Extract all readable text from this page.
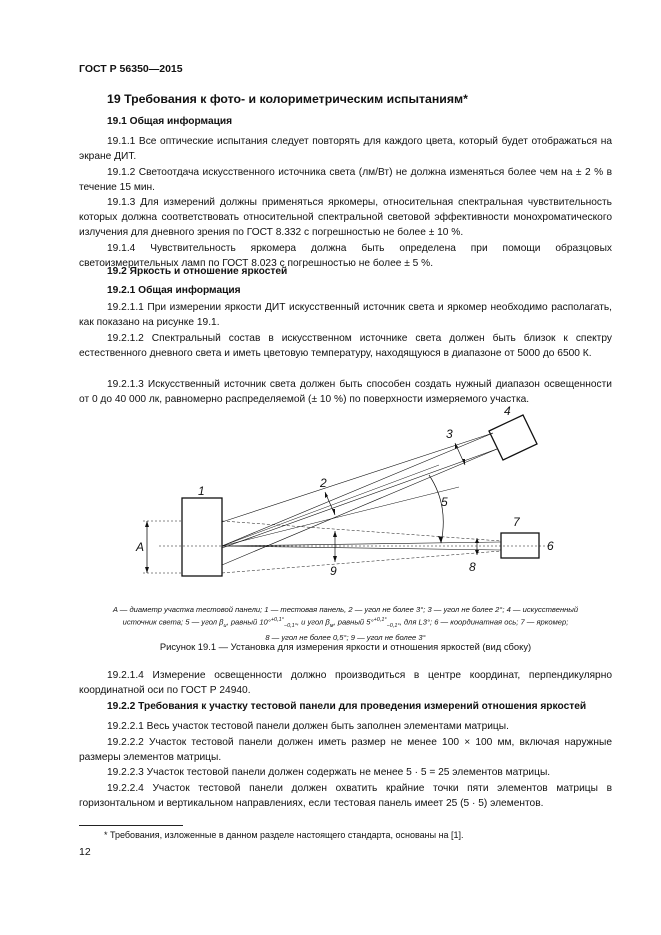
ГОСТ Р 56350—2015
19 Требования к фото- и колориметрическим испытаниям*
19.1 Общая информация
19.1.1 Все оптические испытания следует повторять для каждого цвета, который будет отображаться на экране ДИТ.
19.1.2 Светоотдача искусственного источника света (лм/Вт) не должна изменяться более чем на ± 2 % в течение 15 мин.
19.1.3 Для измерений должны применяться яркомеры, относительная спектральная чувствительность которых должна соответствовать относительной спектральной световой эффективности монохроматического излучения для дневного зрения по ГОСТ 8.332 с погрешностью не более ± 10 %.
19.1.4 Чувствительность яркомера должна быть определена при помощи образцовых светоизмерительных ламп по ГОСТ 8.023 с погрешностью не более ± 5 %.
19.2 Яркость и отношение яркостей
19.2.1 Общая информация
19.2.1.1 При измерении яркости ДИТ искусственный источник света и яркомер необходимо располагать, как показано на рисунке 19.1.
19.2.1.2 Спектральный состав в искусственном источнике света должен быть близок к спектру естественного дневного света и иметь цветовую температуру, находящуюся в диапазоне от 5000 до 6500 К.
19.2.1.3 Искусственный источник света должен быть способен создать нужный диапазон освещенности от 0 до 40 000 лк, равномерно распределяемой (± 10 %) по поверхности измеряемого участка.
1
2
3
4
5
6
7
8
9
A
A — диаметр участка тестовой панели; 1 — тестовая панель, 2 — угол не более 3°; 3 — угол не более 2°; 4 — искусственный
источник света; 5 — угол $\beta_и$, равный 10°$^{+0,1^\circ}_{-0,1^\circ}$, и угол $\beta_м$, равный 5°$^{+0,1^\circ}_{-0,1^\circ}$, для L3°; 6 — координатная ось; 7 — яркомер;
8 — угол не более 0,5°; 9 — угол не более 3°
Рисунок 19.1 — Установка для измерения яркости и отношения яркостей (вид сбоку)
19.2.1.4 Измерение освещенности должно производиться в центре координат, перпендикулярно координатной оси по ГОСТ Р 24940.
19.2.2 Требования к участку тестовой панели для проведения измерений отношения яркостей
19.2.2.1 Весь участок тестовой панели должен быть заполнен элементами матрицы.
19.2.2.2 Участок тестовой панели должен иметь размер не менее 100 × 100 мм, включая наружные размеры элементов матрицы.
19.2.2.3 Участок тестовой панели должен содержать не менее 5 · 5 = 25 элементов матрицы.
19.2.2.4 Участок тестовой панели должен охватить крайние точки пяти элементов матрицы в горизонтальном и вертикальном направлениях, если тестовая панель имеет 25 (5 · 5) элементов.
* Требования, изложенные в данном разделе настоящего стандарта, основаны на [1].
12
